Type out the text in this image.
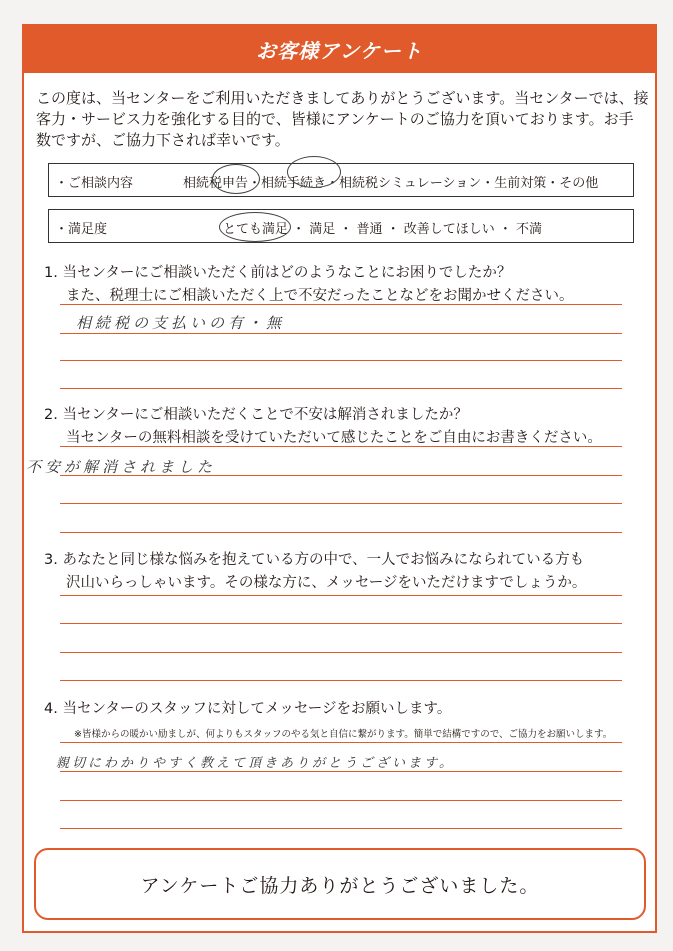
お客様アンケート
この度は、当センターをご利用いただきましてありがとうございます。当センターでは、接
客力・サービス力を強化する目的で、皆様にアンケートのご協力を頂いております。お手
数ですが、ご協力下されば幸いです。
・ご相談内容	相続税申告・相続手続き・相続税シミュレーション・生前対策・その他
・満足度	とても満足 ・ 満足 ・ 普通 ・ 改善してほしい ・ 不満
1. 当センターにご相談いただく前はどのようなことにお困りでしたか？
また、税理士にご相談いただく上で不安だったことなどをお聞かせください。
相続税の支払いの有・無
2. 当センターにご相談いただくことで不安は解消されましたか？
当センターの無料相談を受けていただいて感じたことをご自由にお書きください。
不安が解消されました
3. あなたと同じ様な悩みを抱えている方の中で、一人でお悩みになられている方も
沢山いらっしゃいます。その様な方に、メッセージをいただけますでしょうか。
4. 当センターのスタッフに対してメッセージをお願いします。
※皆様からの暖かい励ましが、何よりもスタッフのやる気と自信に繋がります。簡単で結構ですので、ご協力をお願いします。
親切にわかりやすく教えて頂きありがとうございます。
アンケートご協力ありがとうございました。
